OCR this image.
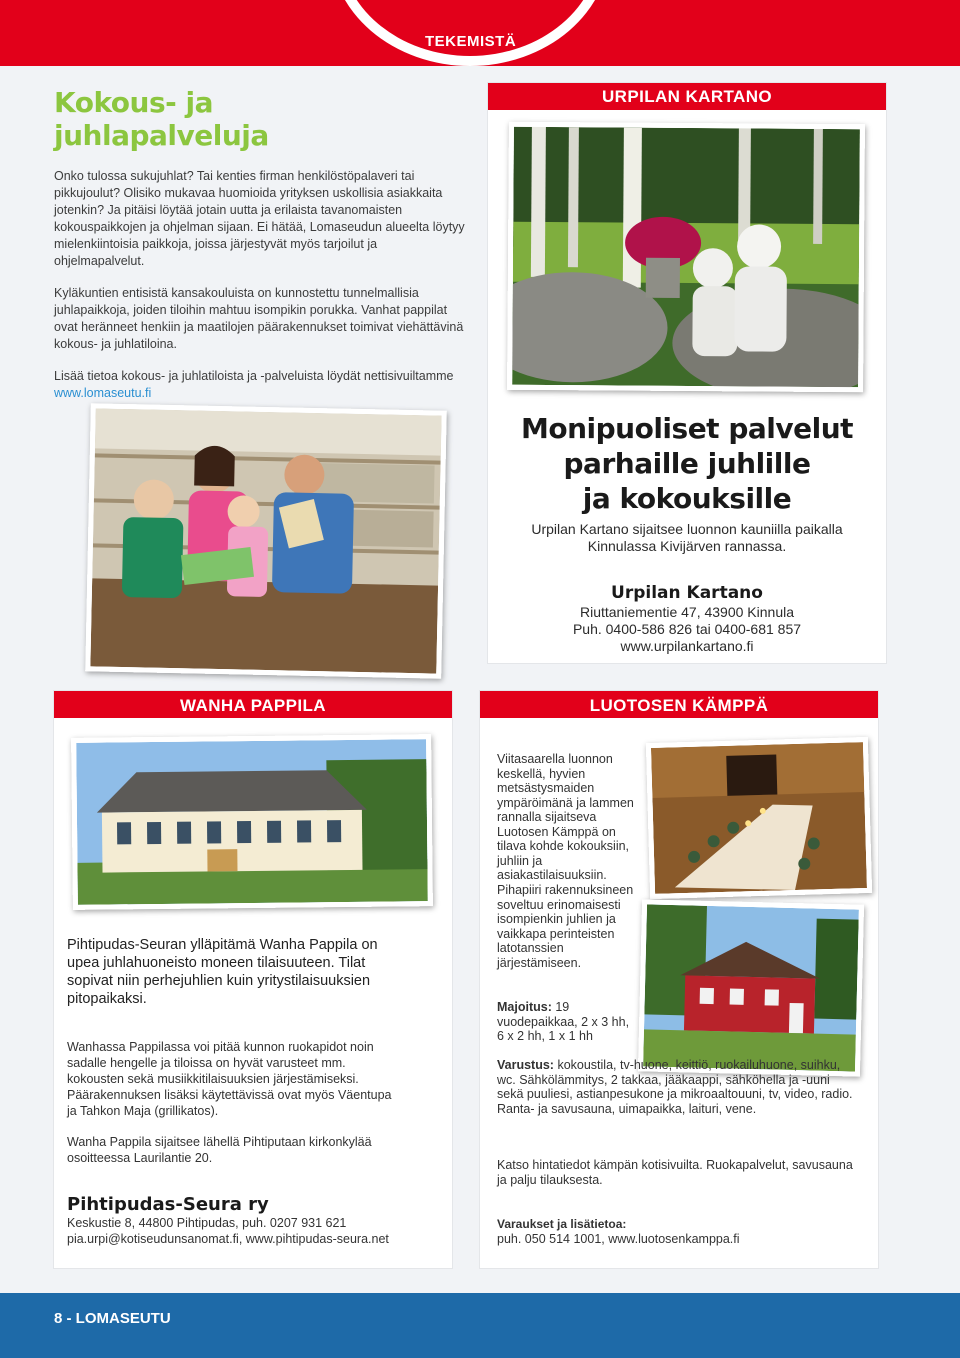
TEKEMISTÄ
Kokous- ja juhlapalveluja

Onko tulossa sukujuhlat? Tai kenties firman henkilöstöpalaveri tai pikkujoulut? Olisiko mukavaa huomioida yrityksen uskollisia asiakkaita jotenkin? Ja pitäisi löytää jotain uutta ja erilaista tavanomaisten kokouspaikkojen ja ohjelman sijaan. Ei hätää, Lomaseudun alueelta löytyy mielenkiintoisia paikkoja, joissa järjestyvät myös tarjoilut ja ohjelmapalvelut.

Kyläkuntien entisistä kansakouluista on kunnostettu tunnelmallisia juhlapaikkoja, joiden tiloihin mahtuu isompikin porukka. Vanhat pappilat ovat heränneet henkiin ja maatilojen päärakennukset toimivat viehättävinä kokous- ja juhlatiloina.

Lisää tietoa kokous- ja juhlatiloista ja -palveluista löydät nettisivuiltamme
www.lomaseutu.fi

URPILAN KARTANO
Monipuoliset palvelut
parhaille juhlille
ja kokouksille
Urpilan Kartano sijaitsee luonnon kauniilla paikalla Kinnulassa Kivijärven rannassa.
Urpilan Kartano
Riuttaniementie 47, 43900 Kinnula
Puh. 0400-586 826 tai 0400-681 857
www.urpilankartano.fi
WANHA PAPPILA
Pihtipudas-Seuran ylläpitämä Wanha Pappila on upea juhlahuoneisto moneen tilaisuuteen. Tilat sopivat niin perhejuhlien kuin yritystilaisuuksien pitopaikaksi.
Wanhassa Pappilassa voi pitää kunnon ruokapidot noin sadalle hengelle ja tiloissa on hyvät varusteet mm. kokousten sekä musiikkitilaisuuksien järjestämiseksi. Päärakennuksen lisäksi käytettävissä ovat myös Väentupa ja Tahkon Maja (grillikatos).
Wanha Pappila sijaitsee lähellä Pihtiputaan kirkonkylää osoitteessa Laurilantie 20.
Pihtipudas-Seura ry
Keskustie 8, 44800 Pihtipudas, puh. 0207 931 621
pia.urpi@kotiseudunsanomat.fi, www.pihtipudas-seura.net
LUOTOSEN KÄMPPÄ
Viitasaarella luonnon keskellä, hyvien metsästysmaiden ympäröimänä ja lammen rannalla sijaitseva Luotosen Kämppä on tilava kohde kokouksiin, juhliin ja asiakastilaisuuksiin.
Pihapiiri rakennuksineen soveltuu erinomaisesti isompienkin juhlien ja vaikkapa perinteisten latotanssien järjestämiseen.
Majoitus: 19 vuodepaikkaa, 2 x 3 hh, 6 x 2 hh, 1 x 1 hh
Varustus: kokoustila, tv-huone, keittiö, ruokailuhuone, suihku, wc. Sähkölämmitys, 2 takkaa, jääkaappi, sähköhella ja -uuni sekä puuliesi, astianpesukone ja mikroaaltouuni, tv, video, radio. Ranta- ja savusauna, uimapaikka, laituri, vene.
Katso hintatiedot kämpän kotisivuilta. Ruokapalvelut, savusauna ja palju tilauksesta.
Varaukset ja lisätietoa:
puh. 050 514 1001, www.luotosenkamppa.fi
8 - LOMASEUTU
